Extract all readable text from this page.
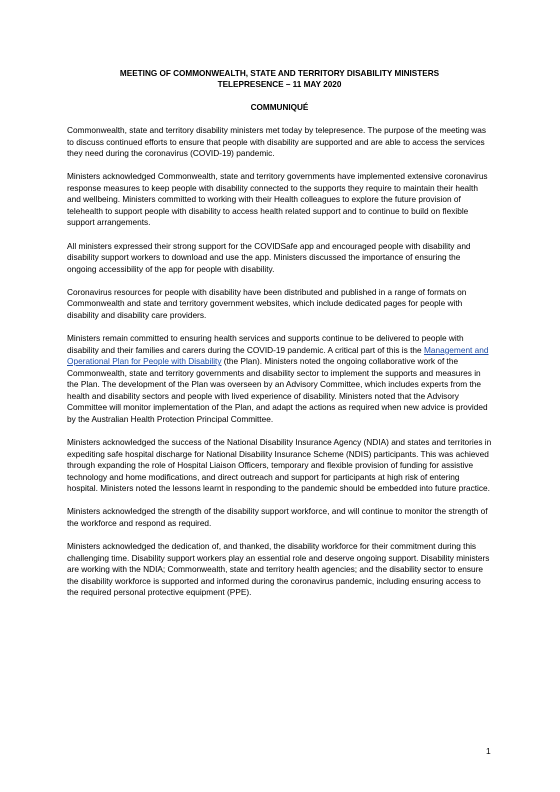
MEETING OF COMMONWEALTH, STATE AND TERRITORY DISABILITY MINISTERS

TELEPRESENCE – 11 MAY 2020

COMMUNIQUÉ

Commonwealth, state and territory disability ministers met today by telepresence. The purpose of the meeting was to discuss continued efforts to ensure that people with disability are supported and are able to access the services they need during the coronavirus (COVID-19) pandemic.

Ministers acknowledged Commonwealth, state and territory governments have implemented extensive coronavirus response measures to keep people with disability connected to the supports they require to maintain their health and wellbeing. Ministers committed to working with their Health colleagues to explore the future provision of telehealth to support people with disability to access health related support and to continue to build on flexible support arrangements.

All ministers expressed their strong support for the COVIDSafe app and encouraged people with disability and disability support workers to download and use the app. Ministers discussed the importance of ensuring the ongoing accessibility of the app for people with disability.

Coronavirus resources for people with disability have been distributed and published in a range of formats on Commonwealth and state and territory government websites, which include dedicated pages for people with disability and disability care providers.

Ministers remain committed to ensuring health services and supports continue to be delivered to people with disability and their families and carers during the COVID-19 pandemic. A critical part of this is the Management and Operational Plan for People with Disability (the Plan). Ministers noted the ongoing collaborative work of the Commonwealth, state and territory governments and disability sector to implement the supports and measures in the Plan. The development of the Plan was overseen by an Advisory Committee, which includes experts from the health and disability sectors and people with lived experience of disability. Ministers noted that the Advisory Committee will monitor implementation of the Plan, and adapt the actions as required when new advice is provided by the Australian Health Protection Principal Committee.

Ministers acknowledged the success of the National Disability Insurance Agency (NDIA) and states and territories in expediting safe hospital discharge for National Disability Insurance Scheme (NDIS) participants. This was achieved through expanding the role of Hospital Liaison Officers, temporary and flexible provision of funding for assistive technology and home modifications, and direct outreach and support for participants at high risk of entering hospital. Ministers noted the lessons learnt in responding to the pandemic should be embedded into future practice.

Ministers acknowledged the strength of the disability support workforce, and will continue to monitor the strength of the workforce and respond as required.

Ministers acknowledged the dedication of, and thanked, the disability workforce for their commitment during this challenging time. Disability support workers play an essential role and deserve ongoing support. Disability ministers are working with the NDIA; Commonwealth, state and territory health agencies; and the disability sector to ensure the disability workforce is supported and informed during the coronavirus pandemic, including ensuring access to the required personal protective equipment (PPE).

1
